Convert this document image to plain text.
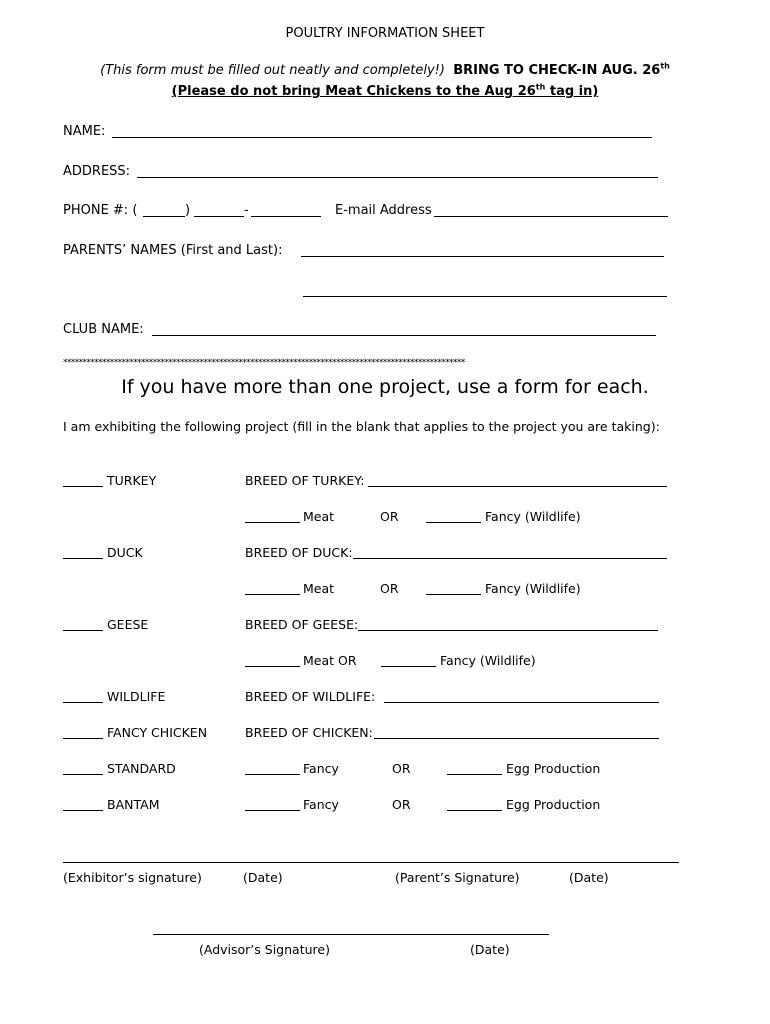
POULTRY INFORMATION SHEET
(This form must be filled out neatly and completely!) BRING TO CHECK-IN AUG. 26th
(Please do not bring Meat Chickens to the Aug 26th tag in)
NAME:
ADDRESS:
PHONE #: (	)	-	E-mail Address
PARENTS’ NAMES (First and Last):
CLUB NAME:
*******************************************************************************************************
If you have more than one project, use a form for each.
I am exhibiting the following project (fill in the blank that applies to the project you are taking):
TURKEY	BREED OF TURKEY:
Meat	OR	Fancy (Wildlife)
DUCK	BREED OF DUCK:
Meat	OR	Fancy (Wildlife)
GEESE	BREED OF GEESE:
Meat OR	Fancy (Wildlife)
WILDLIFE	BREED OF WILDLIFE:
FANCY CHICKEN	BREED OF CHICKEN:
STANDARD	Fancy	OR	Egg Production
BANTAM	Fancy	OR	Egg Production
(Exhibitor’s signature)	(Date)	(Parent’s Signature)	(Date)
(Advisor’s Signature)	(Date)
